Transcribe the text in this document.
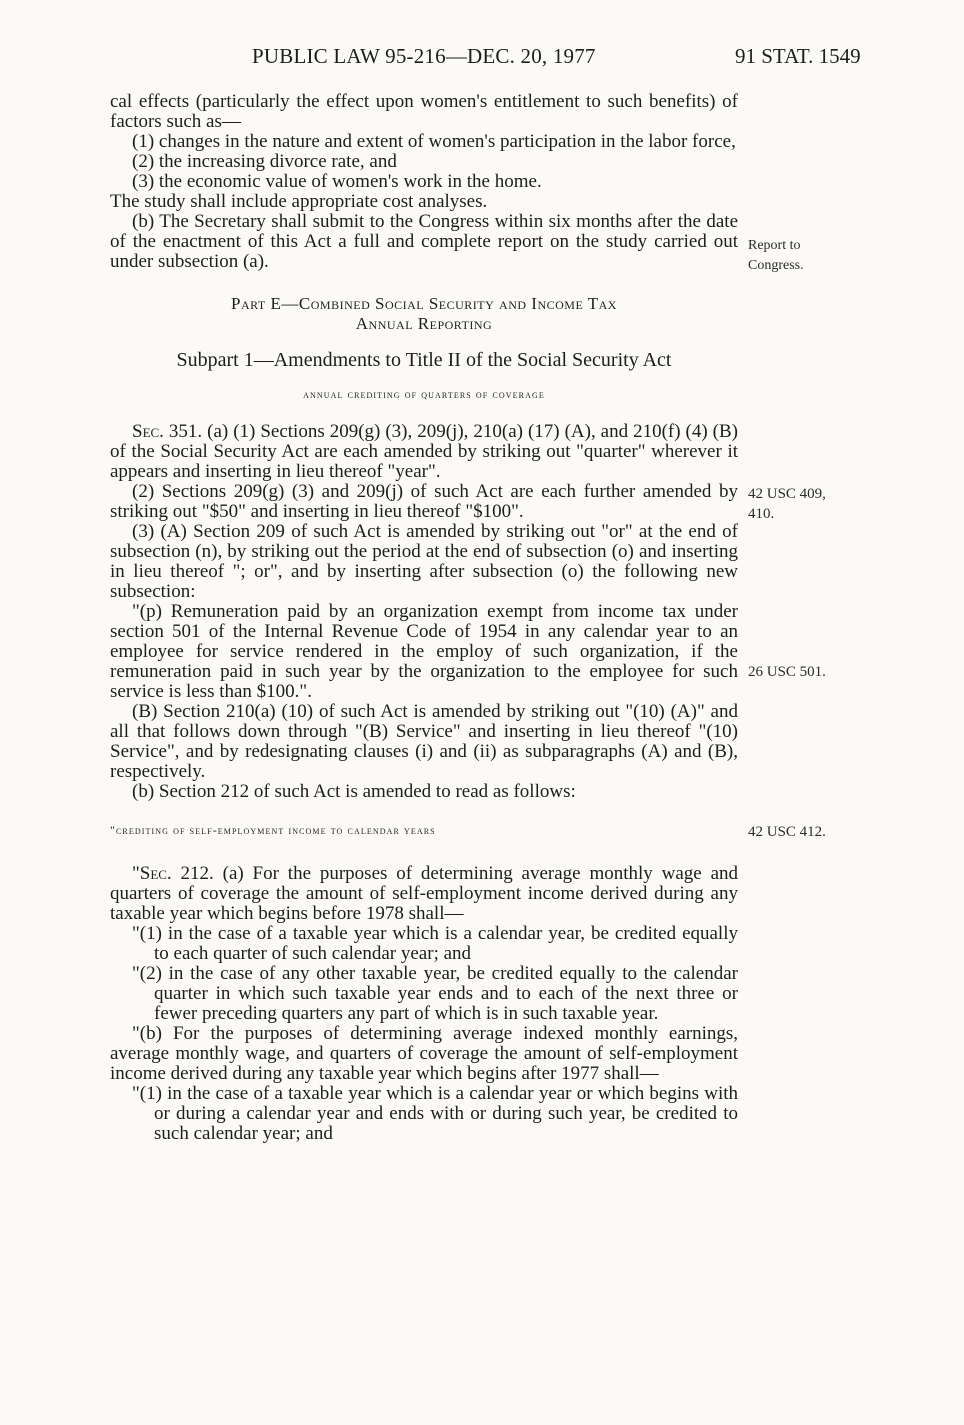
PUBLIC LAW 95-216—DEC. 20, 1977	91 STAT. 1549

cal effects (particularly the effect upon women's entitlement to such benefits) of factors such as—

(1) changes in the nature and extent of women's participation in the labor force,

(2) the increasing divorce rate, and

(3) the economic value of women's work in the home.

The study shall include appropriate cost analyses.

(b) The Secretary shall submit to the Congress within six months after the date of the enactment of this Act a full and complete report on the study carried out under subsection (a).

Part E—Combined Social Security and Income Tax
Annual Reporting
Subpart 1—Amendments to Title II of the Social Security Act
annual crediting of quarters of coverage

Sec. 351. (a) (1) Sections 209(g) (3), 209(j), 210(a) (17) (A), and 210(f) (4) (B) of the Social Security Act are each amended by striking out "quarter" wherever it appears and inserting in lieu thereof "year".

(2) Sections 209(g) (3) and 209(j) of such Act are each further amended by striking out "$50" and inserting in lieu thereof "$100".

(3) (A) Section 209 of such Act is amended by striking out "or" at the end of subsection (n), by striking out the period at the end of subsection (o) and inserting in lieu thereof "; or", and by inserting after subsection (o) the following new subsection:

"(p) Remuneration paid by an organization exempt from income tax under section 501 of the Internal Revenue Code of 1954 in any calendar year to an employee for service rendered in the employ of such organization, if the remuneration paid in such year by the organization to the employee for such service is less than $100.".

(B) Section 210(a) (10) of such Act is amended by striking out "(10) (A)" and all that follows down through "(B) Service" and inserting in lieu thereof "(10) Service", and by redesignating clauses (i) and (ii) as subparagraphs (A) and (B), respectively.

(b) Section 212 of such Act is amended to read as follows:

"crediting of self-employment income to calendar years

"Sec. 212. (a) For the purposes of determining average monthly wage and quarters of coverage the amount of self-employment income derived during any taxable year which begins before 1978 shall—

"(1) in the case of a taxable year which is a calendar year, be credited equally to each quarter of such calendar year; and

"(2) in the case of any other taxable year, be credited equally to the calendar quarter in which such taxable year ends and to each of the next three or fewer preceding quarters any part of which is in such taxable year.

"(b) For the purposes of determining average indexed monthly earnings, average monthly wage, and quarters of coverage the amount of self-employment income derived during any taxable year which begins after 1977 shall—

"(1) in the case of a taxable year which is a calendar year or which begins with or during a calendar year and ends with or during such year, be credited to such calendar year; and

Report to
Congress.
42 USC 409,
410.
26 USC 501.
42 USC 412.
